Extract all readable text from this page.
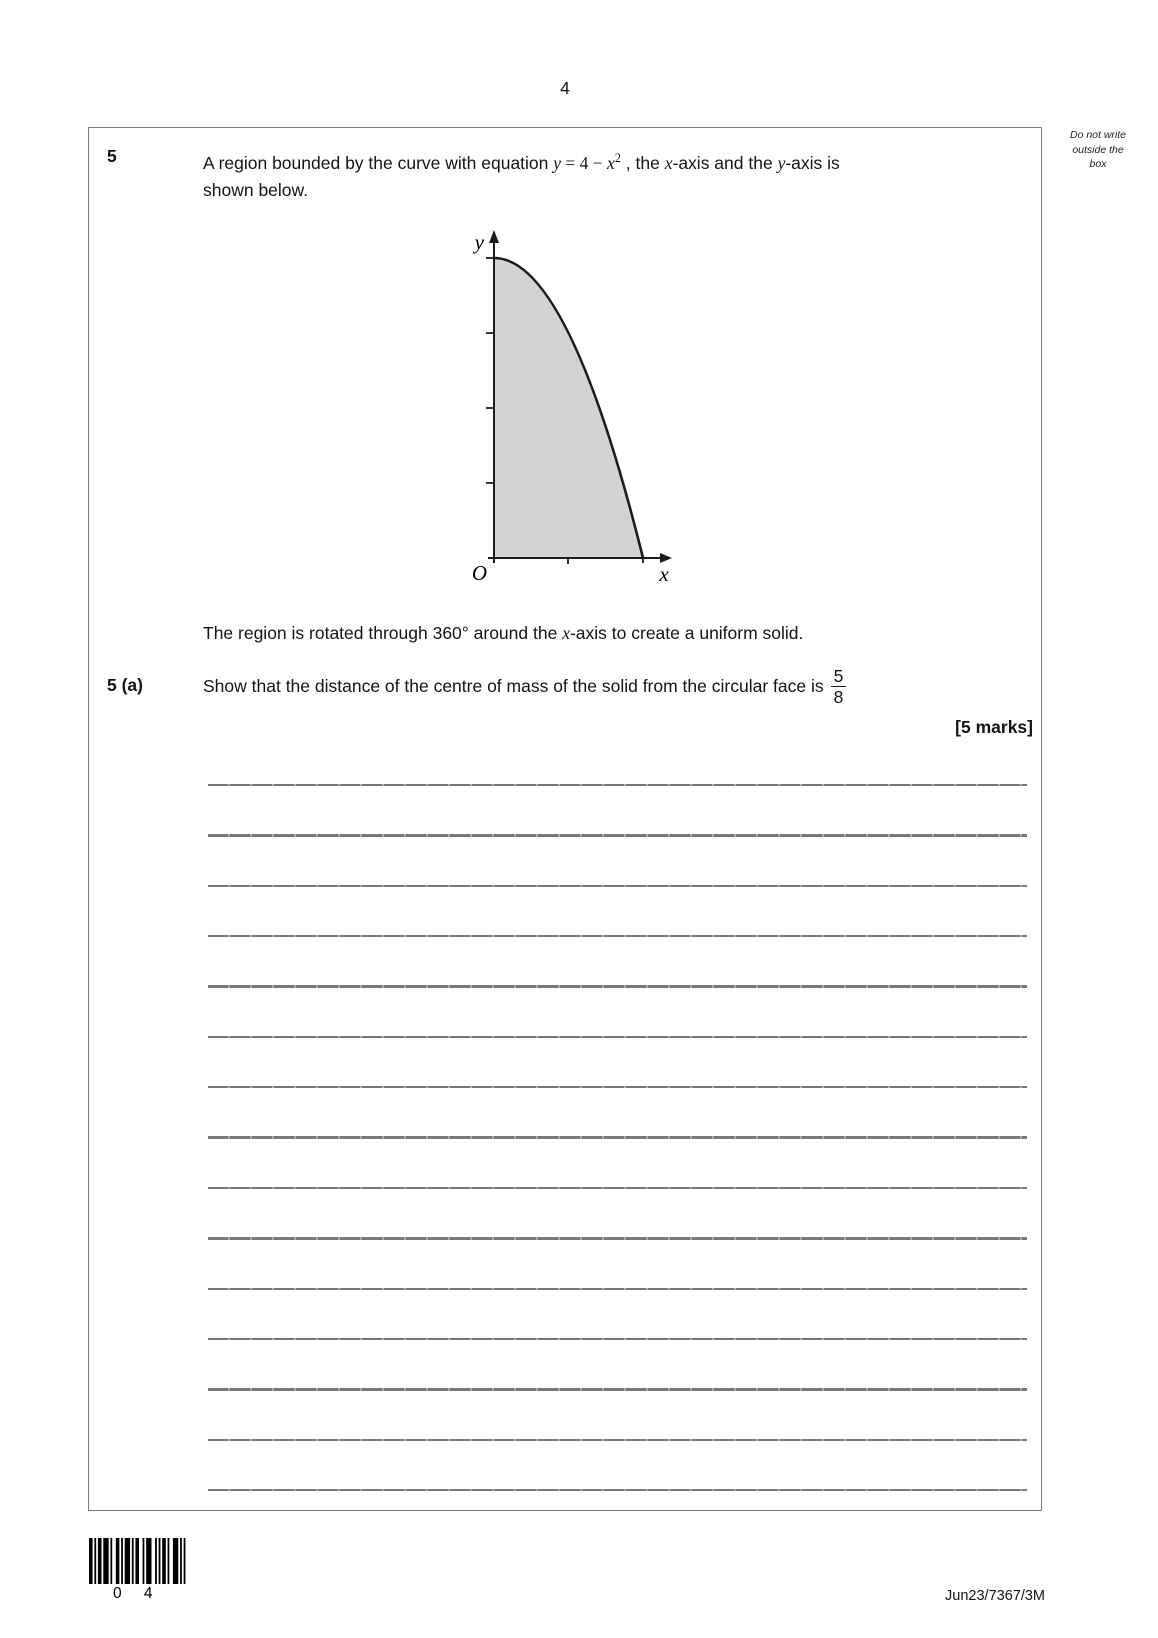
4
Do not write
outside the
box
5	A region bounded by the curve with equation $y = 4 - x^2$ , the x-axis and the y-axis is
shown below.
y
O	x
The region is rotated through 360° around the x-axis to create a uniform solid.
5 (a)	Show that the distance of the centre of mass of the solid from the circular face is $\frac{5}{8}$
[5 marks]
0 4	Jun23/7367/3M
